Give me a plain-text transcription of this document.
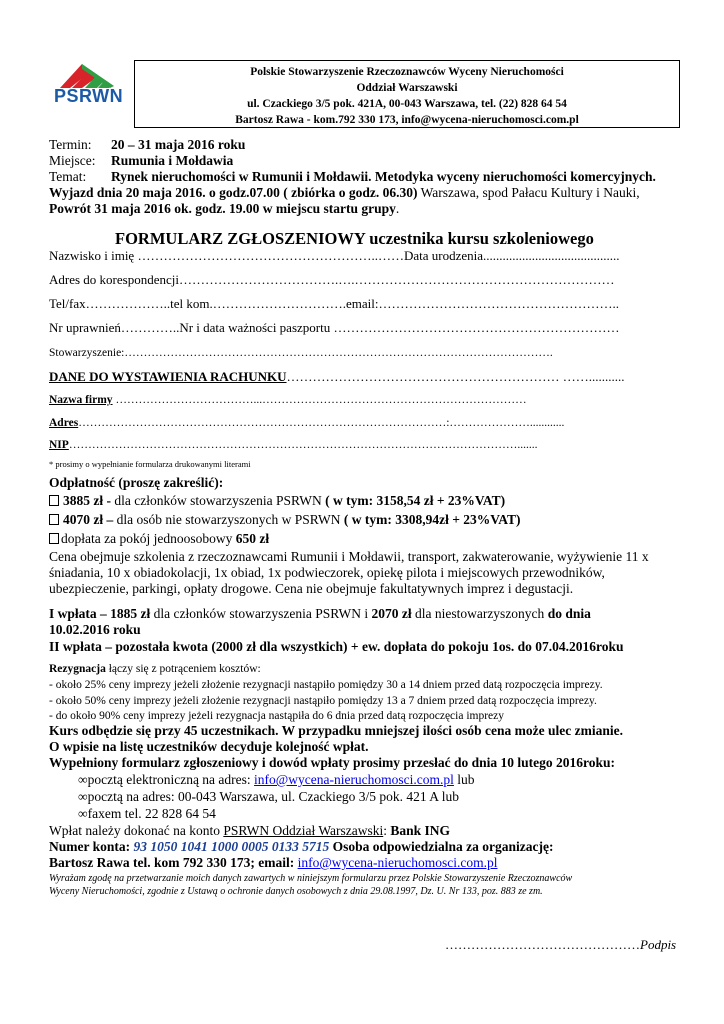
PSRWN
Polskie Stowarzyszenie Rzeczoznawców Wyceny Nieruchomości
Oddział Warszawski
ul. Czackiego 3/5 pok. 421A, 00-043 Warszawa, tel. (22) 828 64 54
Bartosz Rawa - kom.792 330 173, info@wycena-nieruchomosci.com.pl
Termin: 20 – 31 maja 2016 roku
Miejsce: Rumunia i Mołdawia
Temat: Rynek nieruchomości w Rumunii i Mołdawii. Metodyka wyceny nieruchomości komercyjnych.
Wyjazd dnia 20 maja 2016. o godz.07.00 ( zbiórka o godz. 06.30) Warszawa, spod Pałacu Kultury i Nauki,
Powrót 31 maja 2016 ok. godz. 19.00 w miejscu startu grupy.
FORMULARZ ZGŁOSZENIOWY uczestnika kursu szkoleniowego
Nazwisko i imię ………………………………………………..……Data urodzenia..........................................
Adres do korespondencji……………………………….….……………………………………………………
Tel/fax………………..tel kom.………………………….email:………………………………………………..
Nr uprawnień…………..Nr i data ważności paszportu …………………………………………………………
Stowarzyszenie:………………………………………………………………………………………………….
DANE DO WYSTAWIENIA RACHUNKU……………………………………………………… ……...........
Nazwa firmy ………………………………...……………………………………………………………
Adres……………………………………………………………………………………:…………………............
NIP……………………………………………………………………………………………………….......
* prosimy o wypełnianie formularza drukowanymi literami
Odpłatność (proszę zakreślić):
3885 zł - dla członków stowarzyszenia PSRWN ( w tym: 3158,54 zł + 23%VAT)
4070 zł – dla osób nie stowarzyszonych w PSRWN ( w tym: 3308,94zł + 23%VAT)
dopłata za pokój jednoosobowy 650 zł
Cena obejmuje szkolenia z rzeczoznawcami Rumunii i Mołdawii, transport, zakwaterowanie, wyżywienie 11 x
śniadania, 10 x obiadokolacji, 1x obiad, 1x podwieczorek, opiekę pilota i miejscowych przewodników,
ubezpieczenie, parkingi, opłaty drogowe. Cena nie obejmuje fakultatywnych imprez i degustacji.
I wpłata – 1885 zł dla członków stowarzyszenia PSRWN i 2070 zł dla niestowarzyszonych do dnia
10.02.2016 roku
II wpłata – pozostała kwota (2000 zł dla wszystkich) + ew. dopłata do pokoju 1os. do 07.04.2016roku
Rezygnacja łączy się z potrąceniem kosztów:
- około 25% ceny imprezy jeżeli złożenie rezygnacji nastąpiło pomiędzy 30 a 14 dniem przed datą rozpoczęcia imprezy.
- około 50% ceny imprezy jeżeli złożenie rezygnacji nastąpiło pomiędzy 13 a 7 dniem przed datą rozpoczęcia imprezy.
- do około 90% ceny imprezy jeżeli rezygnacja nastąpiła do 6 dnia przed datą rozpoczęcia imprezy
Kurs odbędzie się przy 45 uczestnikach. W przypadku mniejszej ilości osób cena może ulec zmianie.
O wpisie na listę uczestników decyduje kolejność wpłat.
Wypełniony formularz zgłoszeniowy i dowód wpłaty prosimy przesłać do dnia 10 lutego 2016roku:
∞pocztą elektroniczną na adres: info@wycena-nieruchomosci.com.pl lub
∞pocztą na adres: 00-043 Warszawa, ul. Czackiego 3/5 pok. 421 A lub
∞faxem tel. 22 828 64 54
Wpłat należy dokonać na konto PSRWN Oddział Warszawski: Bank ING
Numer konta: 93 1050 1041 1000 0005 0133 5715 Osoba odpowiedzialna za organizację:
Bartosz Rawa tel. kom 792 330 173; email: info@wycena-nieruchomosci.com.pl
Wyrażam zgodę na przetwarzanie moich danych zawartych w niniejszym formularzu przez Polskie Stowarzyszenie Rzeczoznawców
Wyceny Nieruchomości, zgodnie z Ustawą o ochronie danych osobowych z dnia 29.08.1997, Dz. U. Nr 133, poz. 883 ze zm.
………………………………………Podpis
